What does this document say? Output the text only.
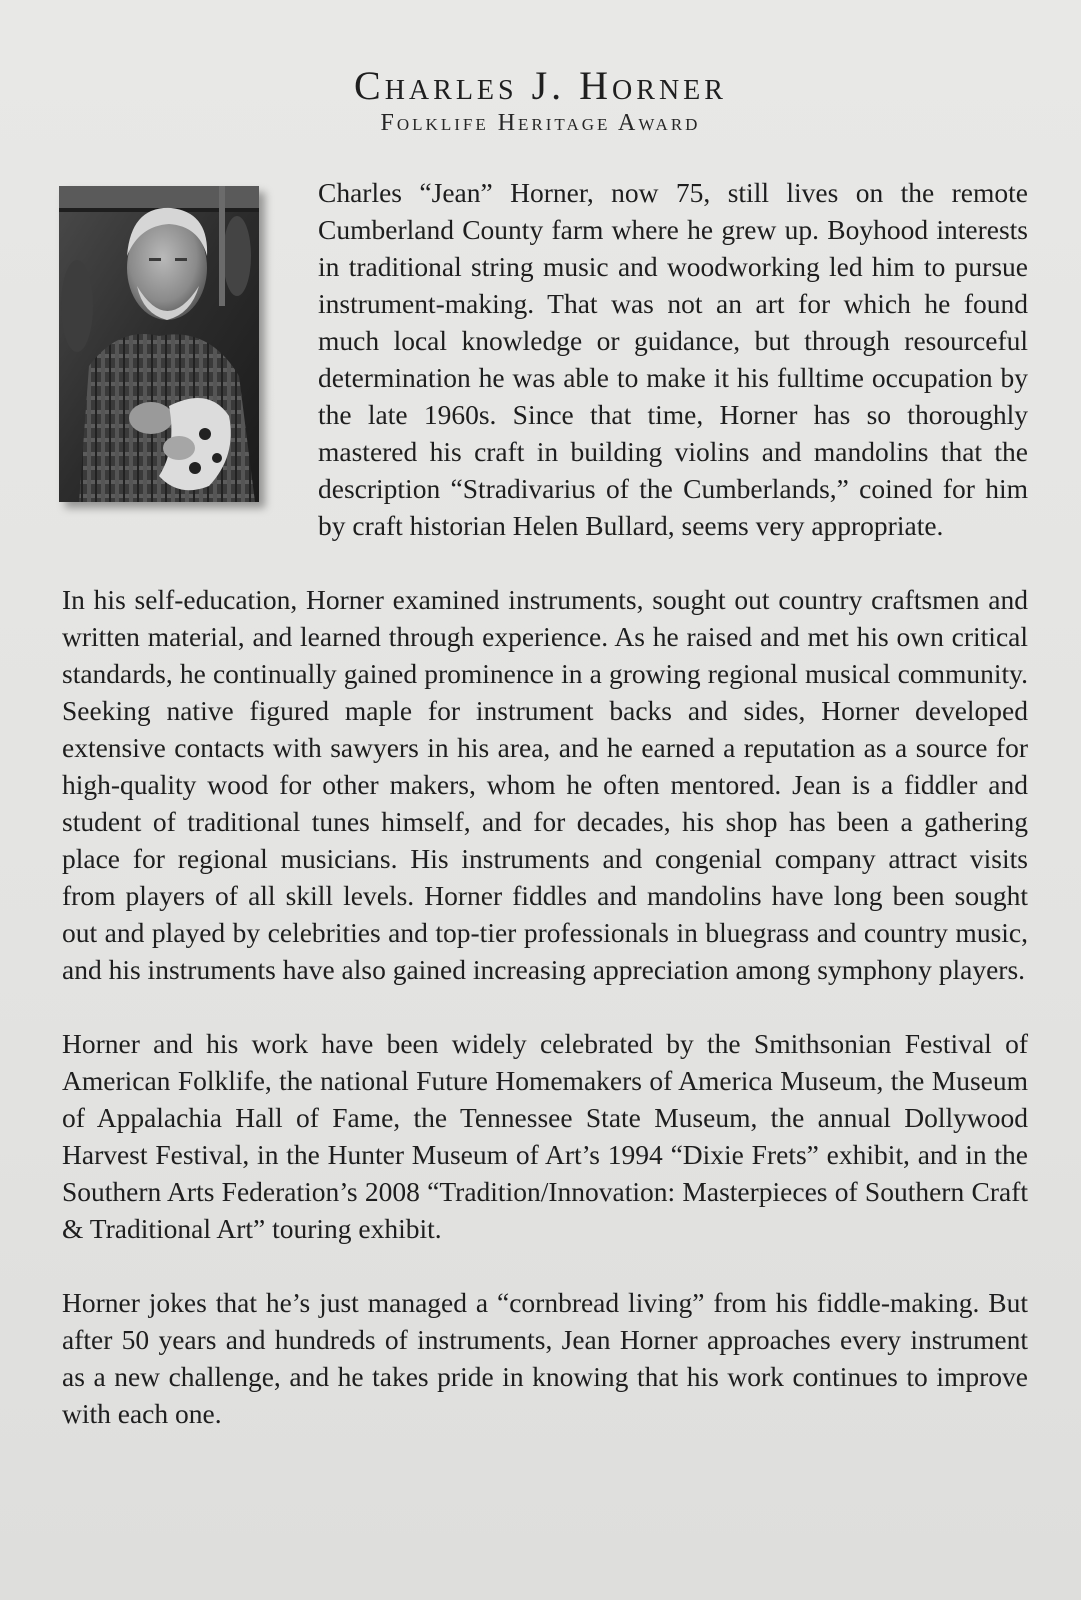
Charles J. Horner
Folklife Heritage Award

Charles “Jean” Horner, now 75, still lives on the remote Cumberland County farm where he grew up. Boyhood interests in traditional string music and woodworking led him to pursue instrument-making. That was not an art for which he found much local knowledge or guidance, but through resourceful determination he was able to make it his fulltime occupation by the late 1960s. Since that time, Horner has so thoroughly mastered his craft in building violins and mandolins that the description “Stradivarius of the Cumberlands,” coined for him by craft historian Helen Bullard, seems very appropriate.

In his self-education, Horner examined instruments, sought out country craftsmen and written material, and learned through experience. As he raised and met his own critical standards, he continually gained prominence in a growing regional musical community. Seeking native figured maple for instrument backs and sides, Horner developed extensive contacts with sawyers in his area, and he earned a reputation as a source for high-quality wood for other makers, whom he often mentored. Jean is a fiddler and student of traditional tunes himself, and for decades, his shop has been a gathering place for regional musicians. His instruments and congenial company attract visits from players of all skill levels. Horner fiddles and mandolins have long been sought out and played by celebrities and top-tier professionals in bluegrass and country music, and his instruments have also gained increasing appreciation among symphony players.

Horner and his work have been widely celebrated by the Smithsonian Festival of American Folklife, the national Future Homemakers of America Museum, the Museum of Appalachia Hall of Fame, the Tennessee State Museum, the annual Dollywood Harvest Festival, in the Hunter Museum of Art’s 1994 “Dixie Frets” exhibit, and in the Southern Arts Federation’s 2008 “Tradition/Innovation: Masterpieces of Southern Craft & Traditional Art” touring exhibit.

Horner jokes that he’s just managed a “cornbread living” from his fiddle-making. But after 50 years and hundreds of instruments, Jean Horner approaches every instrument as a new challenge, and he takes pride in knowing that his work continues to improve with each one.
